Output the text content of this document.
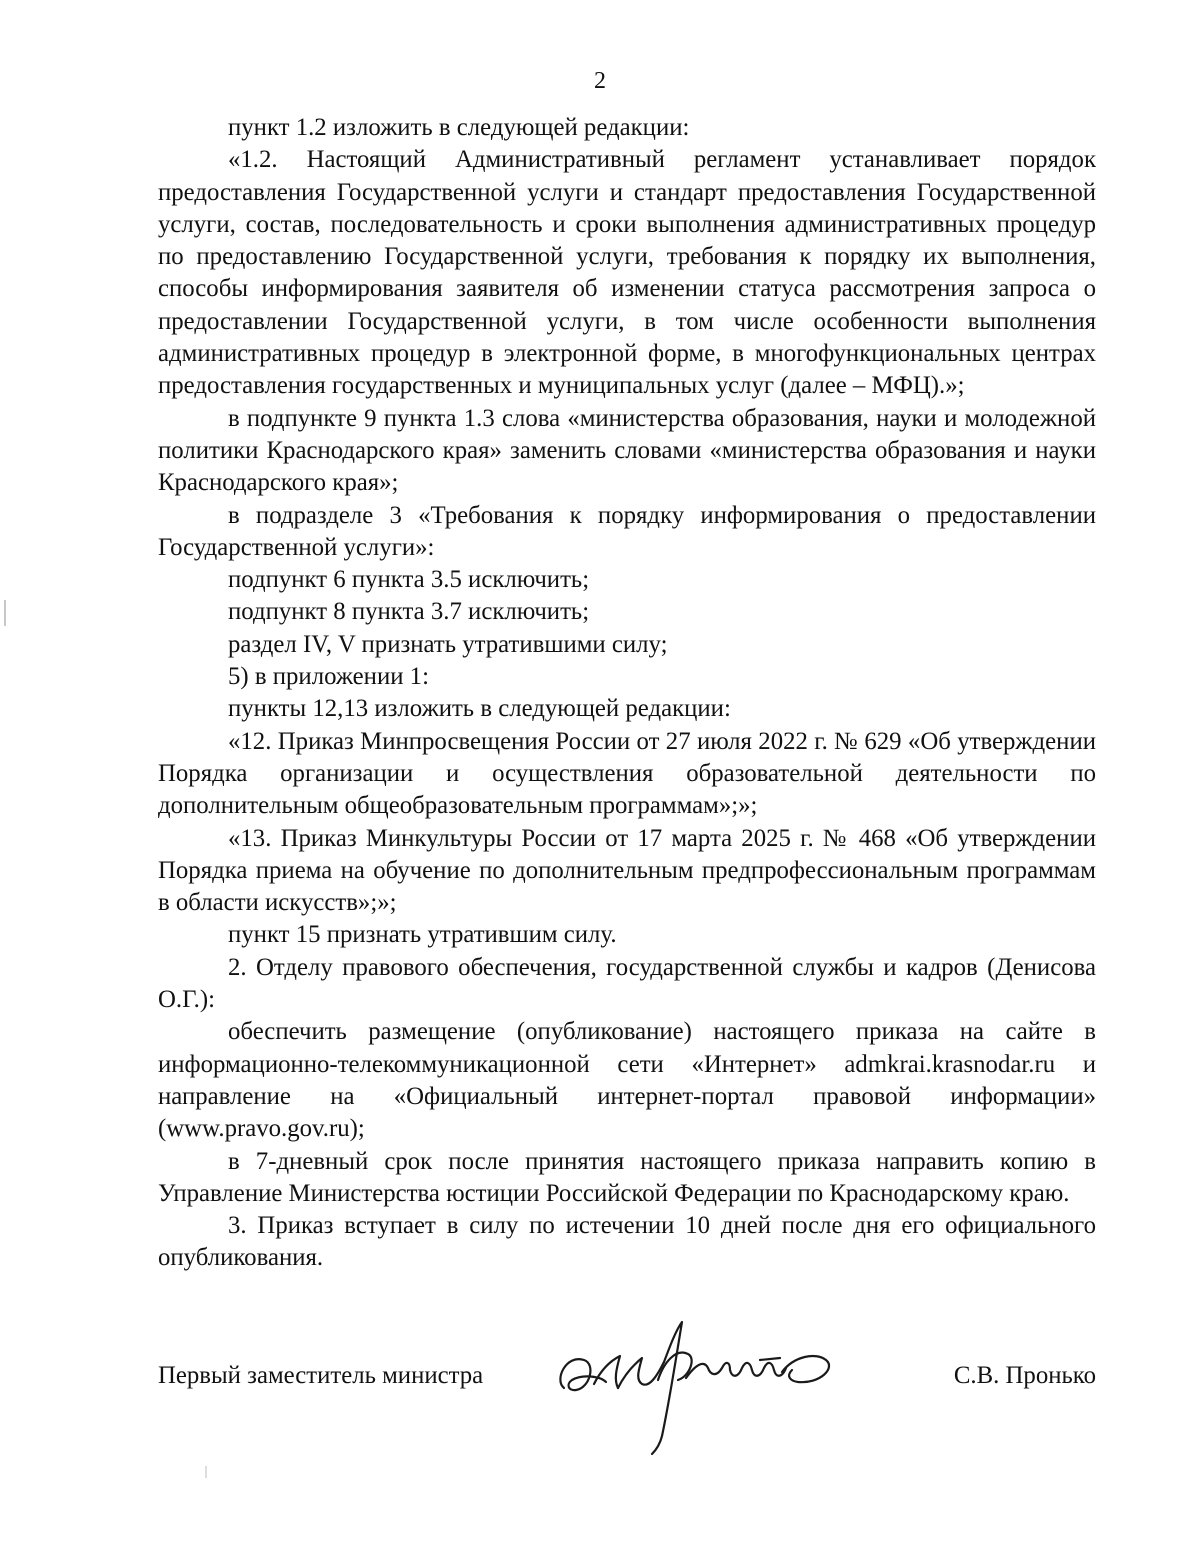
2

пункт 1.2 изложить в следующей редакции:

«1.2. Настоящий Административный регламент устанавливает порядок предоставления Государственной услуги и стандарт предоставления Государственной услуги, состав, последовательность и сроки выполнения административных процедур по предоставлению Государственной услуги, требования к порядку их выполнения, способы информирования заявителя об изменении статуса рассмотрения запроса о предоставлении Государственной услуги, в том числе особенности выполнения административных процедур в электронной форме, в многофункциональных центрах предоставления государственных и муниципальных услуг (далее – МФЦ).»;

в подпункте 9 пункта 1.3 слова «министерства образования, науки и молодежной политики Краснодарского края» заменить словами «министерства образования и науки Краснодарского края»;

в подразделе 3 «Требования к порядку информирования о предоставлении Государственной услуги»:

подпункт 6 пункта 3.5 исключить;

подпункт 8 пункта 3.7 исключить;

раздел IV, V признать утратившими силу;

5) в приложении 1:

пункты 12,13 изложить в следующей редакции:

«12. Приказ Минпросвещения России от 27 июля 2022 г. № 629 «Об утверждении Порядка организации и осуществления образовательной деятельности по дополнительным общеобразовательным программам»;»;

«13. Приказ Минкультуры России от 17 марта 2025 г. № 468 «Об утверждении Порядка приема на обучение по дополнительным предпрофессиональным программам в области искусств»;»;

пункт 15 признать утратившим силу.

2. Отделу правового обеспечения, государственной службы и кадров (Денисова О.Г.):

обеспечить размещение (опубликование) настоящего приказа на сайте в информационно-телекоммуникационной сети «Интернет» admkrai.krasnodar.ru и направление на «Официальный интернет-портал правовой информации» (www.pravo.gov.ru);

в 7-дневный срок после принятия настоящего приказа направить копию в Управление Министерства юстиции Российской Федерации по Краснодарскому краю.

3. Приказ вступает в силу по истечении 10 дней после дня его официального опубликования.

Первый заместитель министра	С.В. Пронько
